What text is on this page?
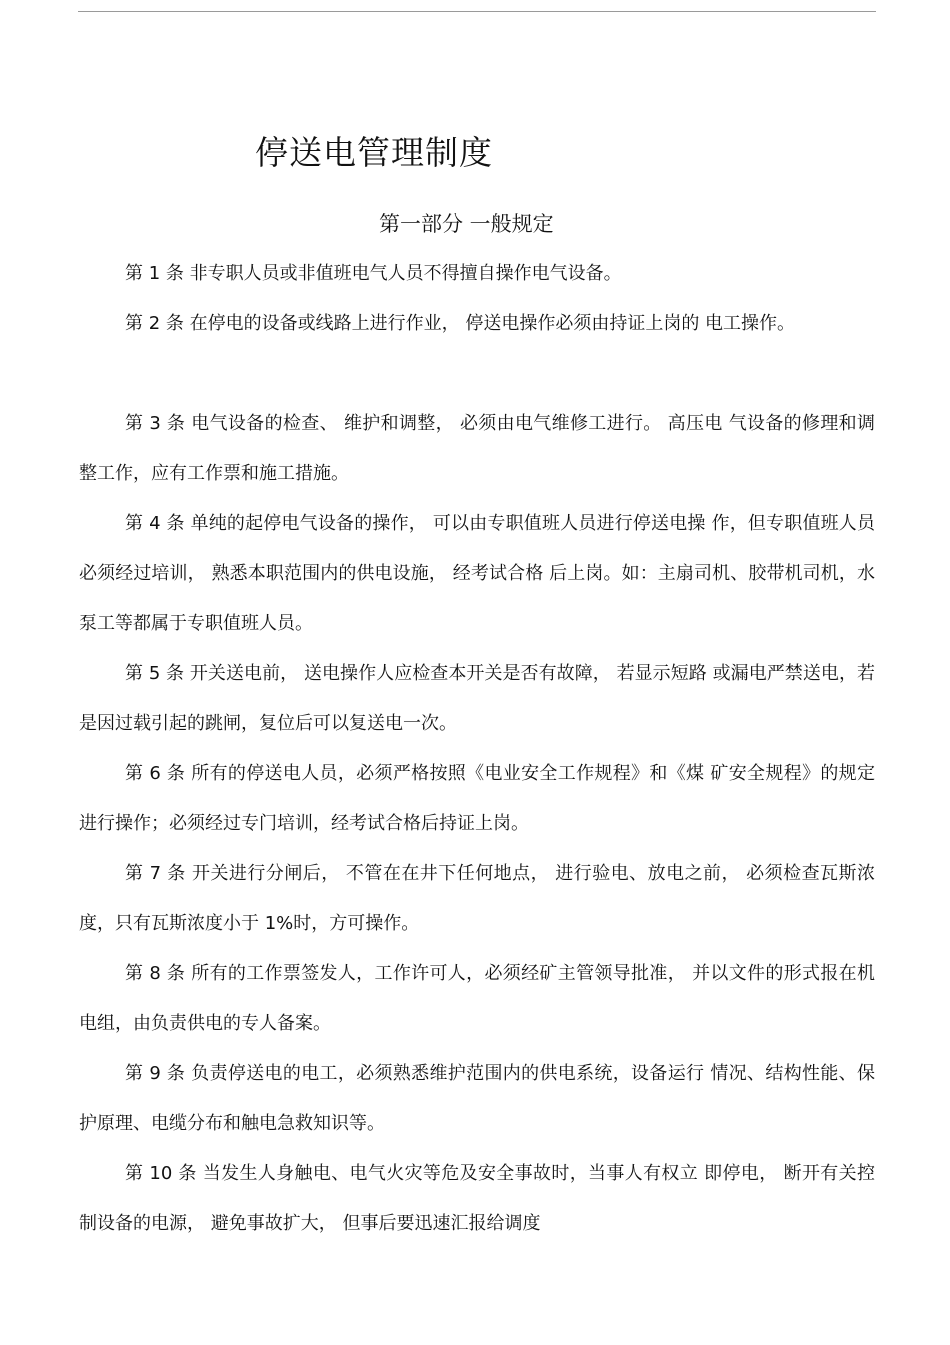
停送电管理制度
第一部分 一般规定

第 1 条 非专职人员或非值班电气人员不得擅自操作电气设备。

第 2 条 在停电的设备或线路上进行作业， 停送电操作必须由持证上岗的 电工操作。

第 3 条 电气设备的检查、 维护和调整， 必须由电气维修工进行。 高压电 气设备的修理和调整工作，应有工作票和施工措施。

第 4 条 单纯的起停电气设备的操作， 可以由专职值班人员进行停送电操 作，但专职值班人员必须经过培训， 熟悉本职范围内的供电设施， 经考试合格 后上岗。如：主扇司机、胶带机司机，水泵工等都属于专职值班人员。

第 5 条 开关送电前， 送电操作人应检查本开关是否有故障， 若显示短路 或漏电严禁送电，若是因过载引起的跳闸，复位后可以复送电一次。

第 6 条 所有的停送电人员，必须严格按照《电业安全工作规程》和《煤 矿安全规程》的规定进行操作；必须经过专门培训，经考试合格后持证上岗。

第 7 条 开关进行分闸后， 不管在在井下任何地点， 进行验电、放电之前， 必须检查瓦斯浓度，只有瓦斯浓度小于 1%时，方可操作。

第 8 条 所有的工作票签发人，工作许可人，必须经矿主管领导批准， 并以文件的形式报在机电组，由负责供电的专人备案。

第 9 条 负责停送电的电工，必须熟悉维护范围内的供电系统，设备运行 情况、结构性能、保护原理、电缆分布和触电急救知识等。

第 10 条 当发生人身触电、电气火灾等危及安全事故时，当事人有权立 即停电， 断开有关控制设备的电源， 避免事故扩大， 但事后要迅速汇报给调度
